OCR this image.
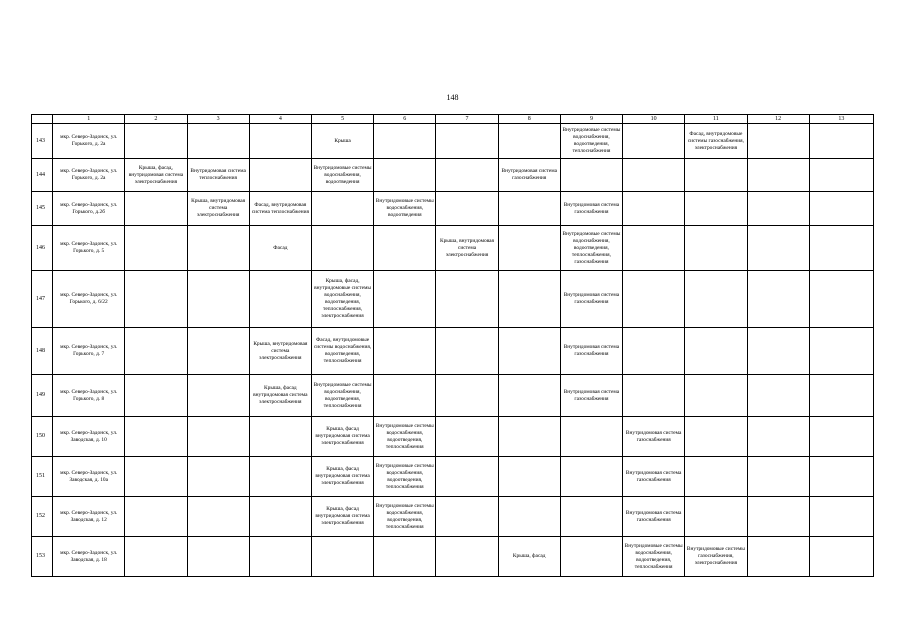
148
	1	2	3	4	5	6	7	8	9	10	11	12	13
143	мкр. Северо-Задонск, ул. Горького, д. 2а				Крыша				Внутридомовые системы водоснабжения, водоотведения, теплоснабжения		Фасад, внутридомовые системы газоснабжения, электроснабжения		
144	мкр. Северо-Задонск, ул. Горького, д. 2а	Крыша, фасад, внутридомовая система электроснабжения	Внутридомовая система теплоснабжения		Внутридомовые системы водоснабжения, водоотведения			Внутридомовая система газоснабжения					
145	мкр. Северо-Задонск, ул. Горького, д.2б		Крыша, внутридомовая система электроснабжения	Фасад, внутридомовая система теплоснабжения		Внутридомовые системы водоснабжения, водоотведения			Внутридомовая система газоснабжения				
146	мкр. Северо-Задонск, ул. Горького, д. 5			Фасад			Крыша, внутридомовая система электроснабжения		Внутридомовые системы водоснабжения, водоотведения, теплоснабжения, газоснабжения				
147	мкр. Северо-Задонск, ул. Горького, д. 6/22				Крыша, фасад, внутридомовые системы водоснабжения, водоотведения, теплоснабжения, электроснабжения				Внутридомовая система газоснабжения				
148	мкр. Северо-Задонск, ул. Горького, д. 7			Крыша, внутридомовая система электроснабжения	Фасад, внутридомовые системы водоснабжения, водоотведения, теплоснабжения				Внутридомовая система газоснабжения				
149	мкр. Северо-Задонск, ул. Горького, д. 8			Крыша, фасад внутридомовая система электроснабжения	Внутридомовые системы водоснабжения, водоотведения, теплоснабжения				Внутридомовая система газоснабжения				
150	мкр. Северо-Задонск, ул. Заводская, д. 10				Крыша, фасад внутридомовая система электроснабжения	Внутридомовые системы водоснабжения, водоотведения, теплоснабжения				Внутридомовая система газоснабжения			
151	мкр. Северо-Задонск, ул. Заводская, д. 10а				Крыша, фасад внутридомовая система электроснабжения	Внутридомовые системы водоснабжения, водоотведения, теплоснабжения				Внутридомовая система газоснабжения			
152	мкр. Северо-Задонск, ул. Заводская, д. 12				Крыша, фасад внутридомовая система электроснабжения	Внутридомовые системы водоснабжения, водоотведения, теплоснабжения				Внутридомовая система газоснабжения			
153	мкр. Северо-Задонск, ул. Заводская, д. 18							Крыша, фасад		Внутридомовые системы водоснабжения, водоотведения, теплоснабжения	Внутридомовые системы газоснабжения, электроснабжения		
